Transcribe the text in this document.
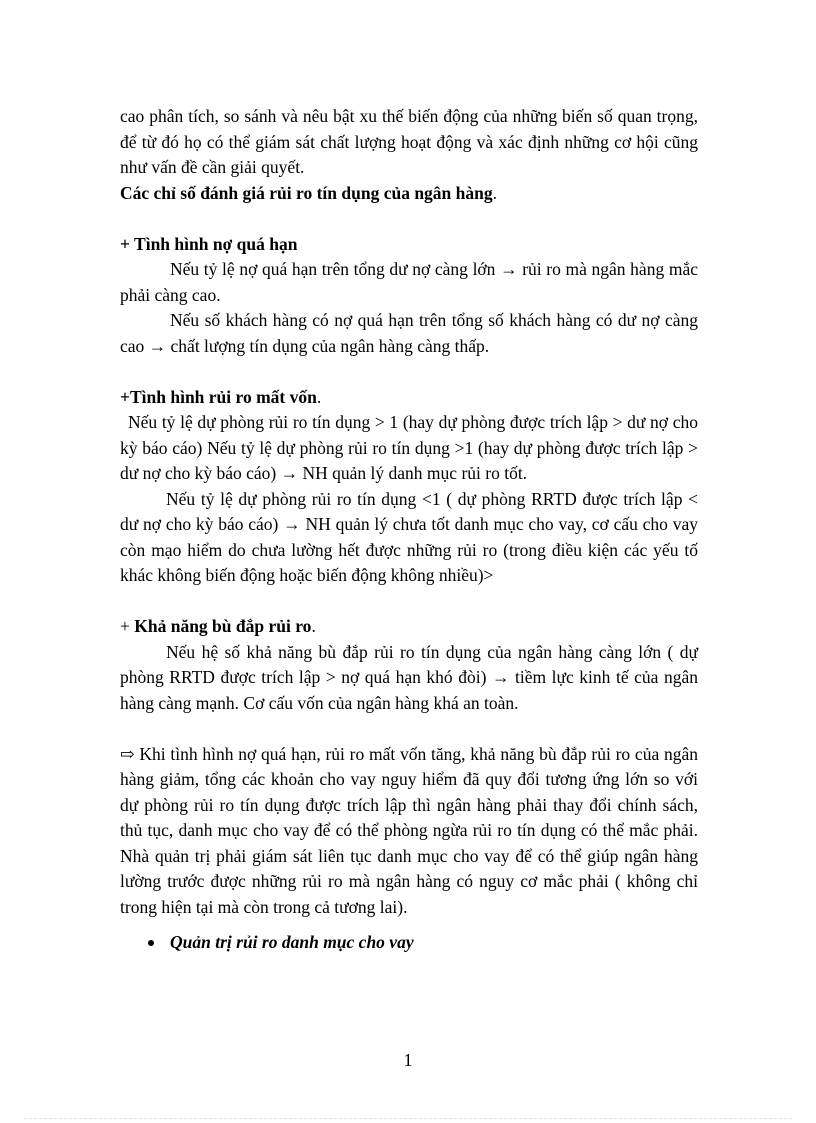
cao phân tích, so sánh và nêu bật xu thế biến động của những biến số quan trọng, để từ đó họ có thể giám sát chất lượng hoạt động và xác định những cơ hội cũng như vấn đề cần giải quyết.

Các chỉ số đánh giá rủi ro tín dụng của ngân hàng.

+ Tình hình nợ quá hạn

Nếu tỷ lệ nợ quá hạn trên tổng dư nợ càng lớn → rủi ro mà ngân hàng mắc phải càng cao.

Nếu số khách hàng có nợ quá hạn trên tổng số khách hàng có dư nợ càng cao → chất lượng tín dụng của ngân hàng càng thấp.

+Tình hình rủi ro mất vốn.

Nếu tỷ lệ dự phòng rủi ro tín dụng > 1 (hay dự phòng được trích lập > dư nợ cho kỳ báo cáo) Nếu tỷ lệ dự phòng rủi ro tín dụng >1 (hay dự phòng được trích lập > dư nợ cho kỳ báo cáo) → NH quản lý danh mục rủi ro tốt.

Nếu tỷ lệ dự phòng rủi ro tín dụng <1 ( dự phòng RRTD được trích lập < dư nợ cho kỳ báo cáo) → NH quản lý chưa tốt danh mục cho vay, cơ cấu cho vay còn mạo hiểm do chưa lường hết được những rủi ro (trong điều kiện các yếu tố khác không biến động hoặc biến động không nhiều)>

+ Khả năng bù đắp rủi ro.

Nếu hệ số khả năng bù đắp rủi ro tín dụng của ngân hàng càng lớn ( dự phòng RRTD được trích lập > nợ quá hạn khó đòi) → tiềm lực kinh tế của ngân hàng càng mạnh. Cơ cấu vốn của ngân hàng khá an toàn.

⇨ Khi tình hình nợ quá hạn, rủi ro mất vốn tăng, khả năng bù đắp rủi ro của ngân hàng giảm, tổng các khoản cho vay nguy hiểm đã quy đổi tương ứng lớn so với dự phòng rủi ro tín dụng được trích lập thì ngân hàng phải thay đổi chính sách, thủ tục, danh mục cho vay để có thể phòng ngừa rủi ro tín dụng có thể mắc phải. Nhà quản trị phải giám sát liên tục danh mục cho vay để có thể giúp ngân hàng lường trước được những rủi ro mà ngân hàng có nguy cơ mắc phải ( không chỉ trong hiện tại mà còn trong cả tương lai).

Quản trị rủi ro danh mục cho vay
1
